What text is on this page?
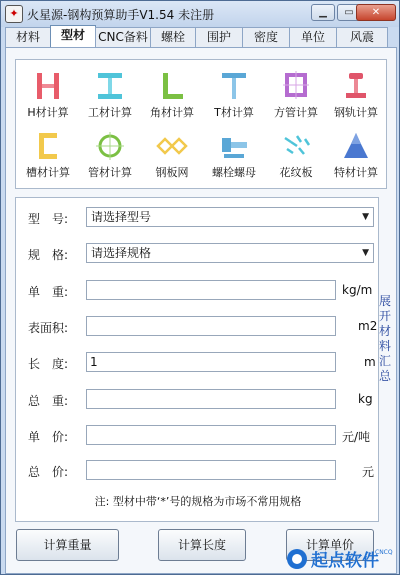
✦ 火星源-钢构预算助手V1.54 未注册	▁	▭	✕
材料	型材	CNC备料	螺栓	围护	密度	单位	风震
H材计算	工材计算	角材计算	T材计算	方管计算	钢轨计算
槽材计算	管材计算	钢板网	螺栓螺母	花纹板	特材计算
型　号:	请选择型号	▼
规　格:	请选择规格	▼
单　重:	kg/m
表面积:	m2
长　度:	1	m
总　重:	kg
单　价:	元/吨
总　价:	元
注: 型材中带‘*’号的规格为市场不常用规格
展开材料汇总
计算重量	计算长度	计算单价
起点软件
CNCQ
